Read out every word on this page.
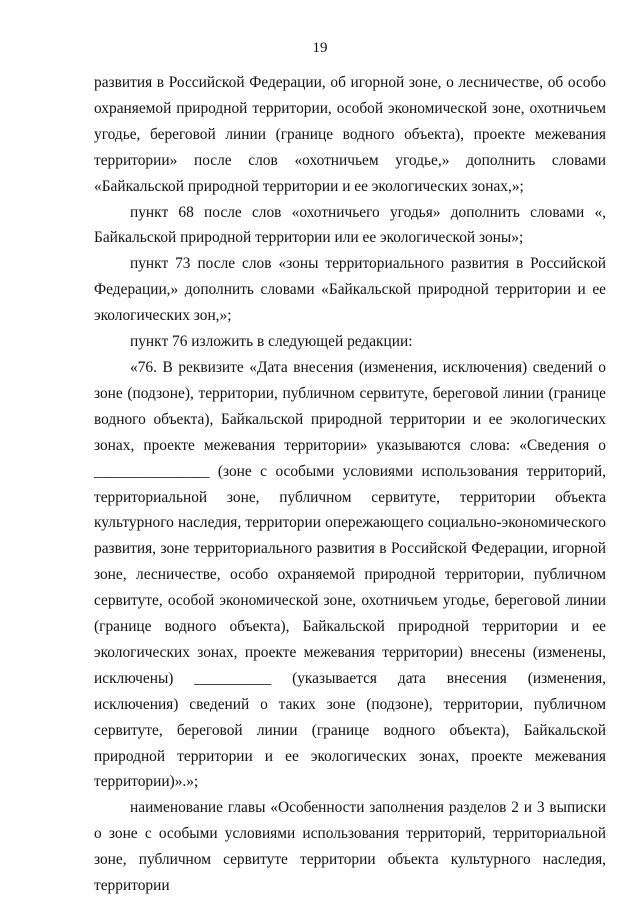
19

развития в Российской Федерации, об игорной зоне, о лесничестве, об особо охраняемой природной территории, особой экономической зоне, охотничьем угодье, береговой линии (границе водного объекта), проекте межевания территории» после слов «охотничьем угодье,» дополнить словами «Байкальской природной территории и ее экологических зонах,»;

пункт 68 после слов «охотничьего угодья» дополнить словами «, Байкальской природной территории или ее экологической зоны»;

пункт 73 после слов «зоны территориального развития в Российской Федерации,» дополнить словами «Байкальской природной территории и ее экологических зон,»;

пункт 76 изложить в следующей редакции:

«76. В реквизите «Дата внесения (изменения, исключения) сведений о зоне (подзоне), территории, публичном сервитуте, береговой линии (границе водного объекта), Байкальской природной территории и ее экологических зонах, проекте межевания территории» указываются слова: «Сведения о _______________ (зоне с особыми условиями использования территорий, территориальной зоне, публичном сервитуте, территории объекта культурного наследия, территории опережающего социально-экономического развития, зоне территориального развития в Российской Федерации, игорной зоне, лесничестве, особо охраняемой природной территории, публичном сервитуте, особой экономической зоне, охотничьем угодье, береговой линии (границе водного объекта), Байкальской природной территории и ее экологических зонах, проекте межевания территории) внесены (изменены, исключены) __________ (указывается дата внесения (изменения, исключения) сведений о таких зоне (подзоне), территории, публичном сервитуте, береговой линии (границе водного объекта), Байкальской природной территории и ее экологических зонах, проекте межевания территории)».»;

наименование главы «Особенности заполнения разделов 2 и 3 выписки о зоне с особыми условиями использования территорий, территориальной зоне, публичном сервитуте территории объекта культурного наследия, территории
